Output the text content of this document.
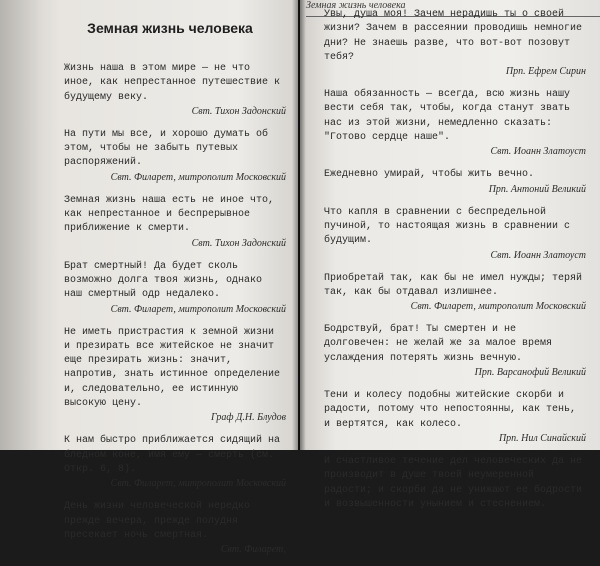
Земная жизнь человека
Земная жизнь человека
Жизнь наша в этом мире — не что иное, как непрестанное путешествие к будущему веку.
Свт. Тихон Задонский
На пути мы все, и хорошо думать об этом, чтобы не забыть путевых распоряжений.
Свт. Филарет, митрополит Московский
Земная жизнь наша есть не иное что, как непрестанное и беспрерывное приближение к смерти.
Свт. Тихон Задонский
Брат смертный! Да будет сколь возможно долга твоя жизнь, однако наш смертный одр недалеко.
Свт. Филарет, митрополит Московский
Не иметь пристрастия к земной жизни и презирать все житейское не значит еще презирать жизнь: значит, напротив, знать истинное определение и, следовательно, ее истинную высокую цену.
Граф Д.Н. Блудов
К нам быстро приближается сидящий на бледном коне, имя ему — смерть (см. Откр. 6, 8).
Свт. Филарет, митрополит Московский
День жизни человеческой нередко прежде вечера, прежде полудня пресекает ночь смертная.
Свт. Филарет,
Увы, душа моя! Зачем нерадишь ты о своей жизни? Зачем в рассеянии проводишь немногие дни? Не знаешь разве, что вот-вот позовут тебя?
Прп. Ефрем Сирин
Наша обязанность — всегда, всю жизнь нашу вести себя так, чтобы, когда станут звать нас из этой жизни, немедленно сказать: "Готово сердце наше".
Свт. Иоанн Златоуст
Ежедневно умирай, чтобы жить вечно.
Прп. Антоний Великий
Что капля в сравнении с беспредельной пучиной, то настоящая жизнь в сравнении с будущим.
Свт. Иоанн Златоуст
Приобретай так, как бы не имел нужды; теряй так, как бы отдавал излишнее.
Свт. Филарет, митрополит Московский
Бодрствуй, брат! Ты смертен и не долговечен: не желай же за малое время услаждения потерять жизнь вечную.
Прп. Варсанофий Великий
Тени и колесу подобны житейские скорби и радости, потому что непостоянны, как тень, и вертятся, как колесо.
Прп. Нил Синайский
И счастливое течение дел человеческих да не производит в душе твоей неумеренной радости; и скорби да не унижают ее бодрости и возвышенности унынием и стеснением.
